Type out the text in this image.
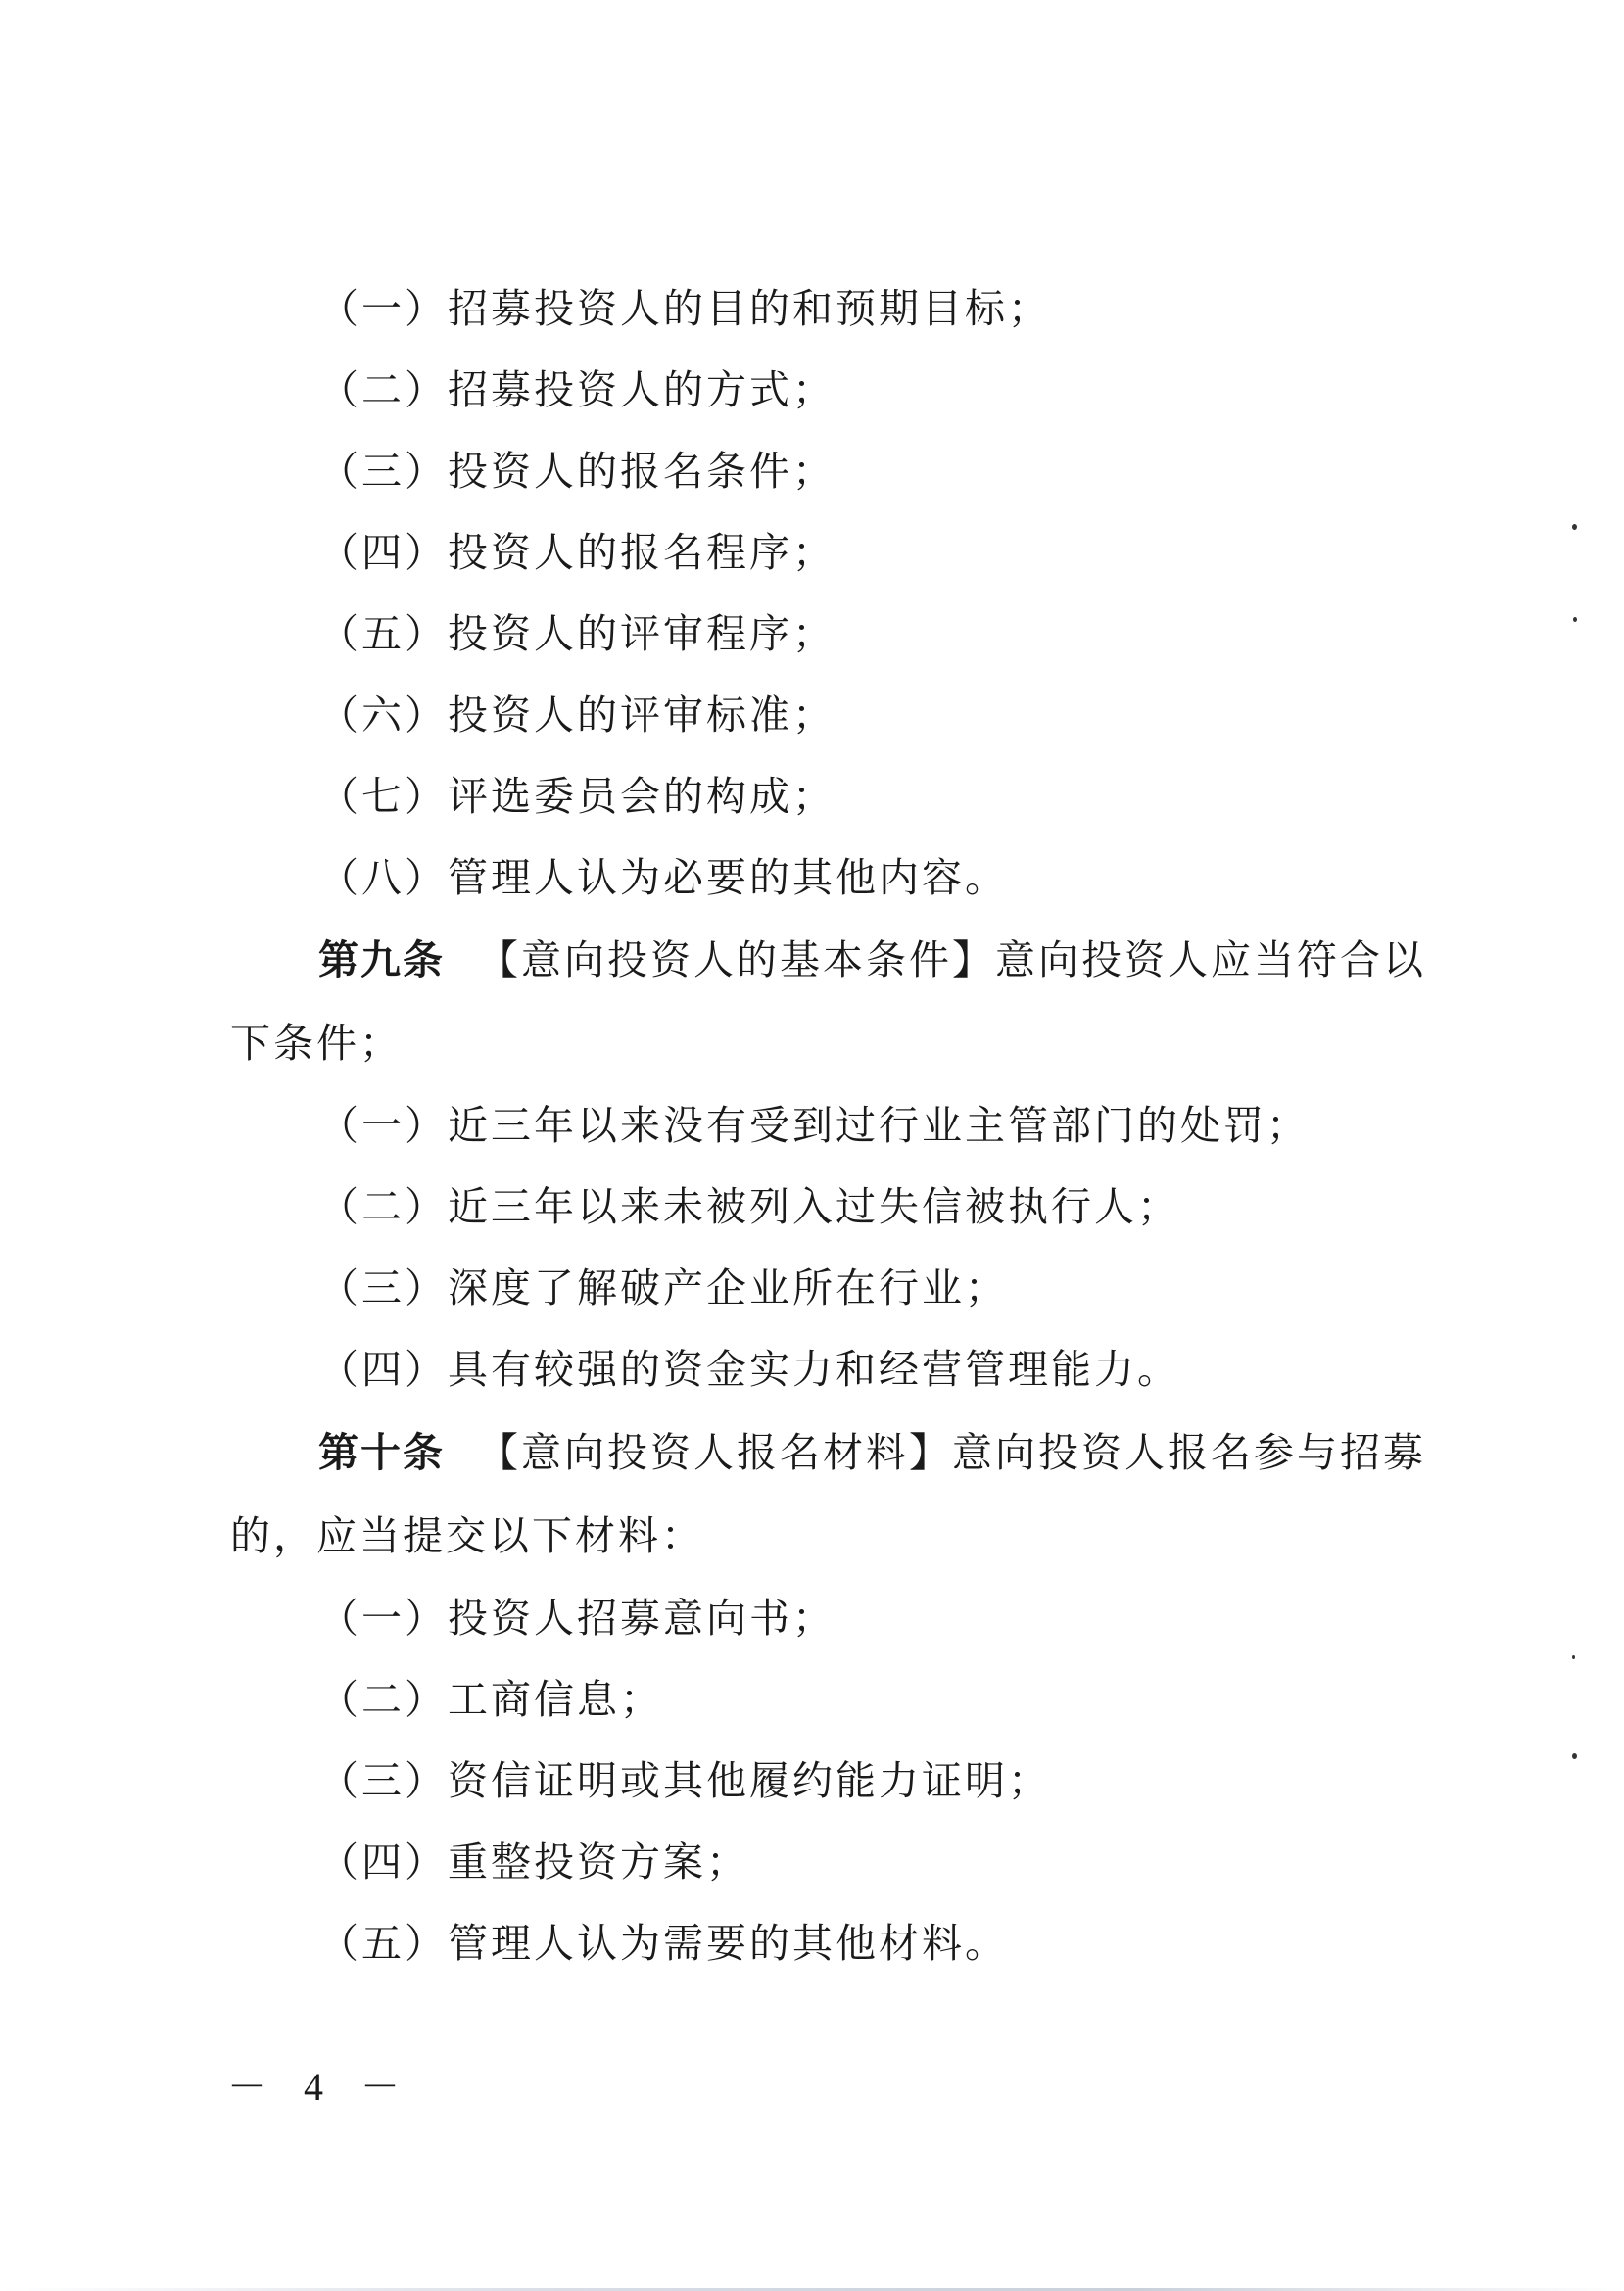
（一）招募投资人的目的和预期目标；
（二）招募投资人的方式；
（三）投资人的报名条件；
（四）投资人的报名程序；
（五）投资人的评审程序；
（六）投资人的评审标准；
（七）评选委员会的构成；
（八）管理人认为必要的其他内容。
第九条 【意向投资人的基本条件】意向投资人应当符合以
下条件；
（一）近三年以来没有受到过行业主管部门的处罚；
（二）近三年以来未被列入过失信被执行人；
（三）深度了解破产企业所在行业；
（四）具有较强的资金实力和经营管理能力。
第十条 【意向投资人报名材料】意向投资人报名参与招募
的，应当提交以下材料：
（一）投资人招募意向书；
（二）工商信息；
（三）资信证明或其他履约能力证明；
（四）重整投资方案；
（五）管理人认为需要的其他材料。
－ 4 －
